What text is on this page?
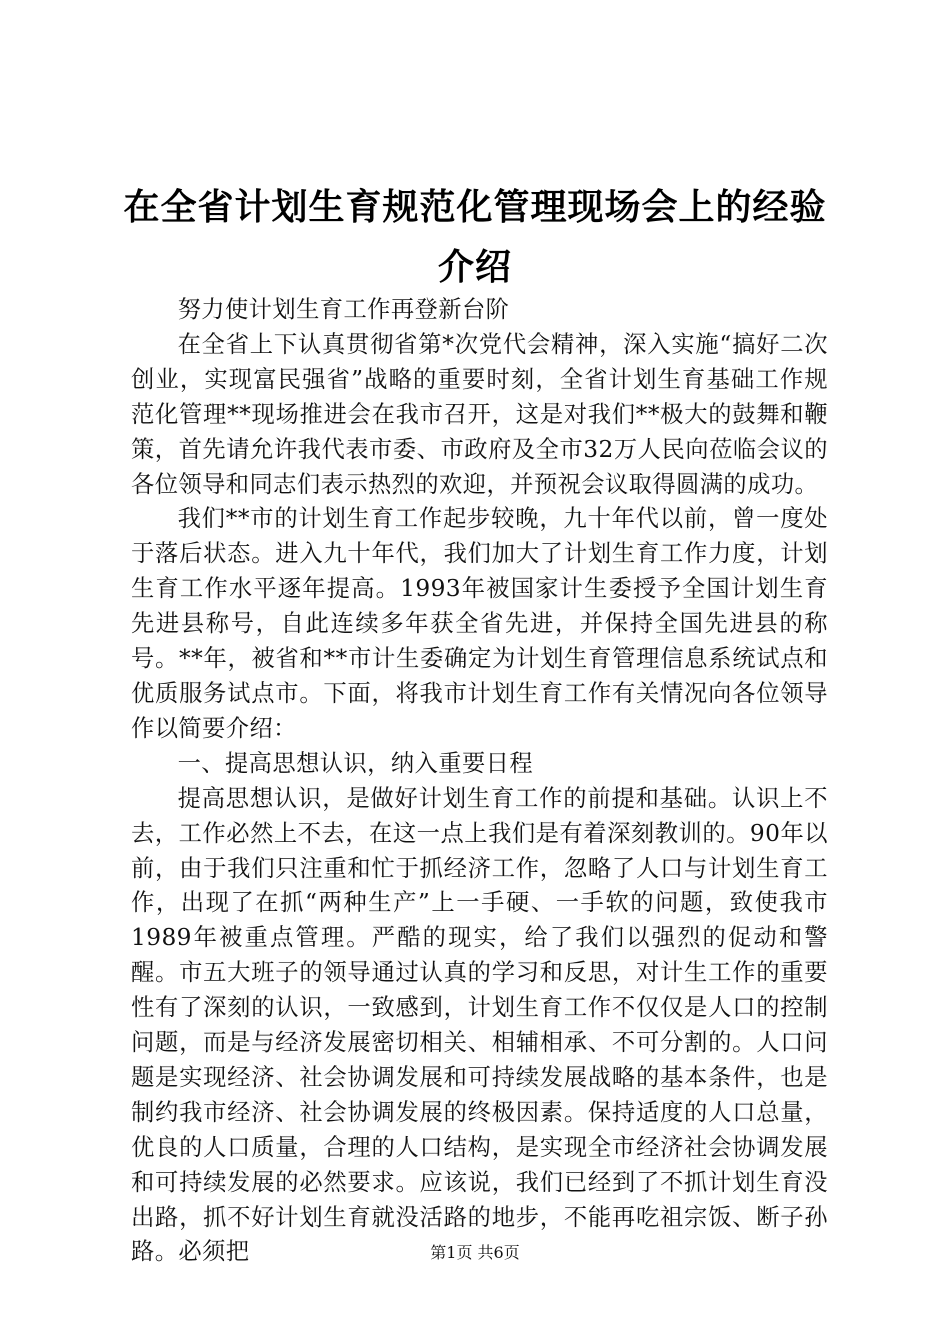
在全省计划生育规范化管理现场会上的经验介绍

努力使计划生育工作再登新台阶

在全省上下认真贯彻省第*次党代会精神，深入实施“搞好二次创业，实现富民强省”战略的重要时刻，全省计划生育基础工作规范化管理**现场推进会在我市召开，这是对我们**极大的鼓舞和鞭策，首先请允许我代表市委、市政府及全市32万人民向莅临会议的各位领导和同志们表示热烈的欢迎，并预祝会议取得圆满的成功。

我们**市的计划生育工作起步较晚，九十年代以前，曾一度处于落后状态。进入九十年代，我们加大了计划生育工作力度，计划生育工作水平逐年提高。1993年被国家计生委授予全国计划生育先进县称号，自此连续多年获全省先进，并保持全国先进县的称号。**年，被省和**市计生委确定为计划生育管理信息系统试点和优质服务试点市。下面，将我市计划生育工作有关情况向各位领导作以简要介绍：

一、提高思想认识，纳入重要日程

提高思想认识，是做好计划生育工作的前提和基础。认识上不去，工作必然上不去，在这一点上我们是有着深刻教训的。90年以前，由于我们只注重和忙于抓经济工作，忽略了人口与计划生育工作，出现了在抓“两种生产”上一手硬、一手软的问题，致使我市1989年被重点管理。严酷的现实，给了我们以强烈的促动和警醒。市五大班子的领导通过认真的学习和反思，对计生工作的重要性有了深刻的认识，一致感到，计划生育工作不仅仅是人口的控制问题，而是与经济发展密切相关、相辅相承、不可分割的。人口问题是实现经济、社会协调发展和可持续发展战略的基本条件，也是制约我市经济、社会协调发展的终极因素。保持适度的人口总量，优良的人口质量，合理的人口结构，是实现全市经济社会协调发展和可持续发展的必然要求。应该说，我们已经到了不抓计划生育没出路，抓不好计划生育就没活路的地步，不能再吃祖宗饭、断子孙路。必须把	第1页 共6页
